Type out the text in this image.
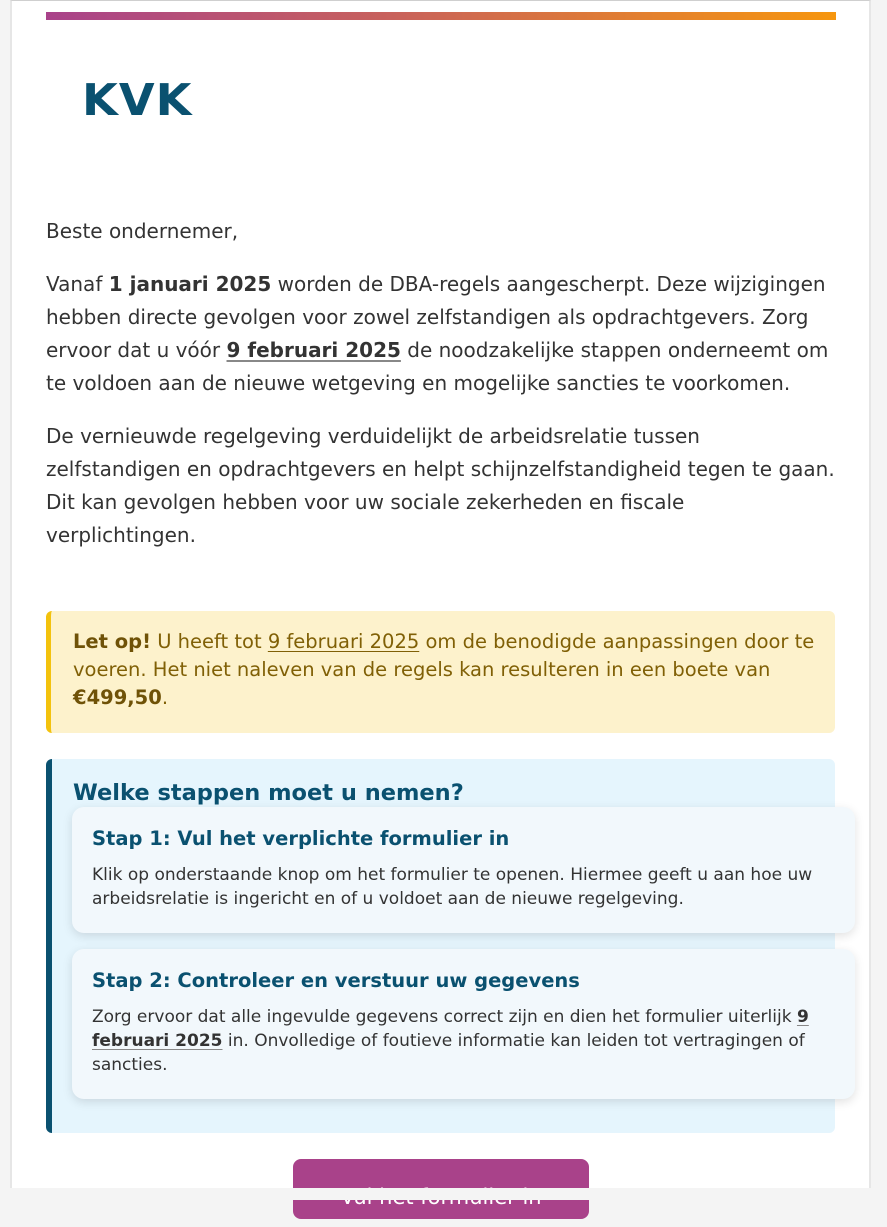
KVK

Beste ondernemer,

Vanaf 1 januari 2025 worden de DBA-regels aangescherpt. Deze wijzigingen hebben directe gevolgen voor zowel zelfstandigen als opdrachtgevers. Zorg ervoor dat u vóór 9 februari 2025 de noodzakelijke stappen onderneemt om te voldoen aan de nieuwe wetgeving en mogelijke sancties te voorkomen.

De vernieuwde regelgeving verduidelijkt de arbeidsrelatie tussen zelfstandigen en opdrachtgevers en helpt schijnzelfstandigheid tegen te gaan. Dit kan gevolgen hebben voor uw sociale zekerheden en fiscale verplichtingen.

Let op! U heeft tot 9 februari 2025 om de benodigde aanpassingen door te voeren. Het niet naleven van de regels kan resulteren in een boete van €499,50.
Welke stappen moet u nemen?
Stap 1: Vul het verplichte formulier in

Klik op onderstaande knop om het formulier te openen. Hiermee geeft u aan hoe uw arbeidsrelatie is ingericht en of u voldoet aan de nieuwe regelgeving.

Stap 2: Controleer en verstuur uw gegevens

Zorg ervoor dat alle ingevulde gegevens correct zijn en dien het formulier uiterlijk 9 februari 2025 in. Onvolledige of foutieve informatie kan leiden tot vertragingen of sancties.
